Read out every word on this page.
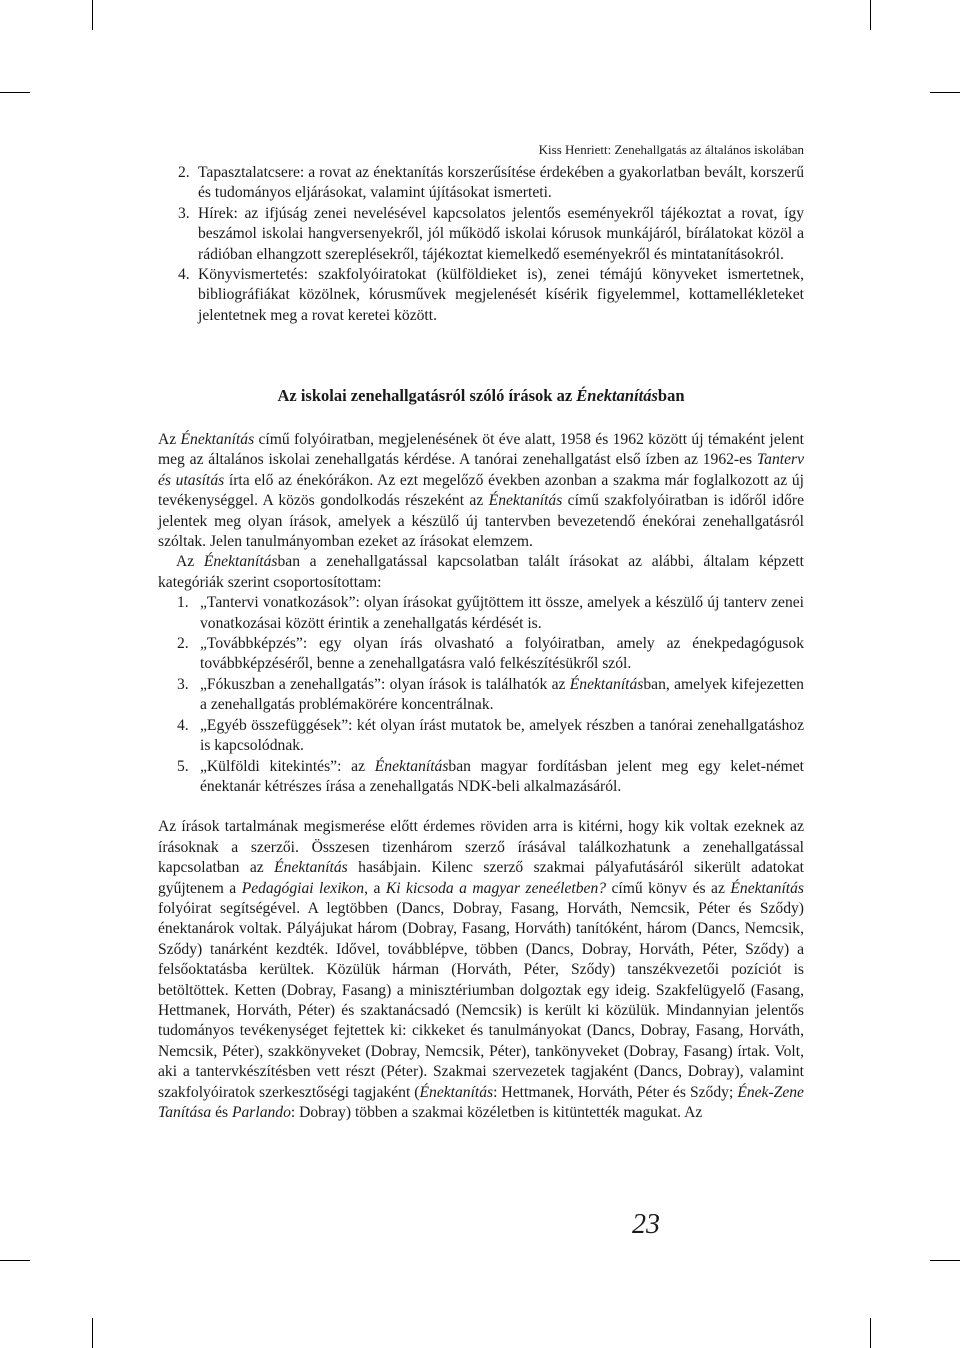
Kiss Henriett: Zenehallgatás az általános iskolában
2. Tapasztalatcsere: a rovat az énektanítás korszerűsítése érdekében a gyakorlatban bevált, korszerű és tudományos eljárásokat, valamint újításokat ismerteti.
3. Hírek: az ifjúság zenei nevelésével kapcsolatos jelentős eseményekről tájékoztat a rovat, így beszámol iskolai hangversenyekről, jól működő iskolai kórusok munkájáról, bírálatokat közöl a rádióban elhangzott szereplésekről, tájékoztat kiemelkedő eseményekről és mintatanításokról.
4. Könyvismertetés: szakfolyóiratokat (külföldieket is), zenei témájú könyveket ismertetnek, bibliográfiákat közölnek, kórusművek megjelenését kísérik figyelemmel, kottamellékleteket jelentetnek meg a rovat keretei között.
Az iskolai zenehallgatásról szóló írások az Énektanításban
Az Énektanítás című folyóiratban, megjelenésének öt éve alatt, 1958 és 1962 között új témaként jelent meg az általános iskolai zenehallgatás kérdése. A tanórai zenehallgatást első ízben az 1962-es Tanterv és utasítás írta elő az énekórákon. Az ezt megelőző években azonban a szakma már foglalkozott az új tevékenységgel. A közös gondolkodás részeként az Énektanítás című szakfolyóiratban is időről időre jelentek meg olyan írások, amelyek a készülő új tantervben bevezetendő énekórai zenehallgatásról szóltak. Jelen tanulmányomban ezeket az írásokat elemzem.
Az Énektanításban a zenehallgatással kapcsolatban talált írásokat az alábbi, általam képzett kategóriák szerint csoportosítottam:
1. „Tantervi vonatkozások”: olyan írásokat gyűjtöttem itt össze, amelyek a készülő új tanterv zenei vonatkozásai között érintik a zenehallgatás kérdését is.
2. „Továbbképzés”: egy olyan írás olvasható a folyóiratban, amely az énekpedagógusok továbbképzéséről, benne a zenehallgatásra való felkészítésükről szól.
3. „Fókuszban a zenehallgatás”: olyan írások is találhatók az Énektanításban, amelyek kifejezetten a zenehallgatás problémakörére koncentrálnak.
4. „Egyéb összefüggések”: két olyan írást mutatok be, amelyek részben a tanórai zenehallgatáshoz is kapcsolódnak.
5. „Külföldi kitekintés”: az Énektanításban magyar fordításban jelent meg egy kelet-német énektanár kétrészes írása a zenehallgatás NDK-beli alkalmazásáról.
Az írások tartalmának megismerése előtt érdemes röviden arra is kitérni, hogy kik voltak ezeknek az írásoknak a szerzői. Összesen tizenhárom szerző írásával találkozhatunk a zenehallgatással kapcsolatban az Énektanítás hasábjain. Kilenc szerző szakmai pályafutásáról sikerült adatokat gyűjtenem a Pedagógiai lexikon, a Ki kicsoda a magyar zeneéletben? című könyv és az Énektanítás folyóirat segítségével. A legtöbben (Dancs, Dobray, Fasang, Horváth, Nemcsik, Péter és Sződy) énektanárok voltak. Pályájukat három (Dobray, Fasang, Horváth) tanítóként, három (Dancs, Nemcsik, Sződy) tanárként kezdték. Idővel, továbblépve, többen (Dancs, Dobray, Horváth, Péter, Sződy) a felsőoktatásba kerültek. Közülük hárman (Horváth, Péter, Sződy) tanszékvezetői pozíciót is betöltöttek. Ketten (Dobray, Fasang) a minisztériumban dolgoztak egy ideig. Szakfelügyelő (Fasang, Hettmanek, Horváth, Péter) és szaktanácsadó (Nemcsik) is került ki közülük. Mindannyian jelentős tudományos tevékenységet fejtettek ki: cikkeket és tanulmányokat (Dancs, Dobray, Fasang, Horváth, Nemcsik, Péter), szakkönyveket (Dobray, Nemcsik, Péter), tankönyveket (Dobray, Fasang) írtak. Volt, aki a tantervkészítésben vett részt (Péter). Szakmai szervezetek tagjaként (Dancs, Dobray), valamint szakfolyóiratok szerkesztőségi tagjaként (Énektanítás: Hettmanek, Horváth, Péter és Sződy; Ének-Zene Tanítása és Parlando: Dobray) többen a szakmai közéletben is kitüntették magukat. Az
23
